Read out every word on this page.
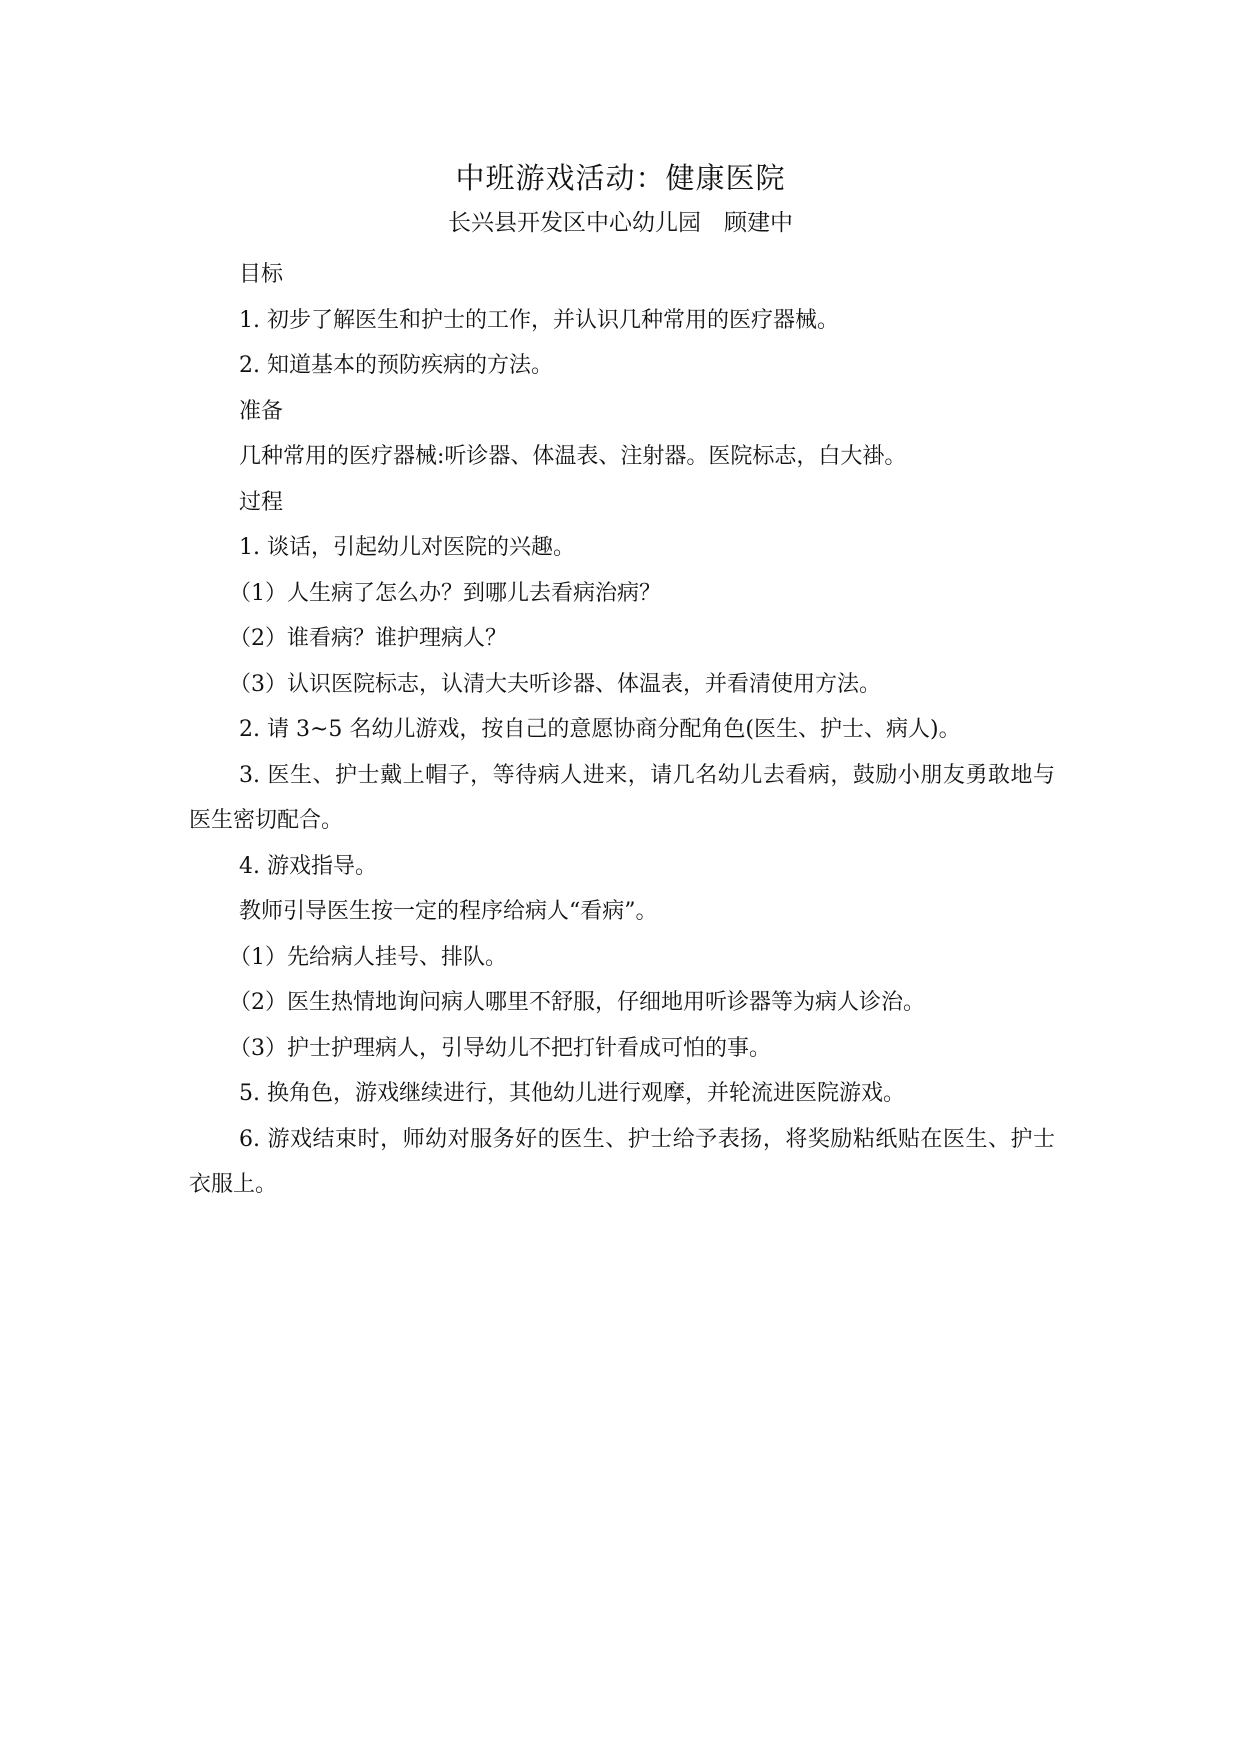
中班游戏活动：健康医院
长兴县开发区中心幼儿园　顾建中

目标

1. 初步了解医生和护士的工作，并认识几种常用的医疗器械。

2. 知道基本的预防疾病的方法。

准备

几种常用的医疗器械:听诊器、体温表、注射器。医院标志，白大褂。

过程

1. 谈话，引起幼儿对医院的兴趣。

（1）人生病了怎么办？到哪儿去看病治病？

（2）谁看病？谁护理病人？

（3）认识医院标志，认清大夫听诊器、体温表，并看清使用方法。

2. 请 3~5 名幼儿游戏，按自己的意愿协商分配角色(医生、护士、病人)。

3. 医生、护士戴上帽子，等待病人进来，请几名幼儿去看病，鼓励小朋友勇敢地与医生密切配合。

4. 游戏指导。

教师引导医生按一定的程序给病人“看病”。

（1）先给病人挂号、排队。

（2）医生热情地询问病人哪里不舒服，仔细地用听诊器等为病人诊治。

（3）护士护理病人，引导幼儿不把打针看成可怕的事。

5. 换角色，游戏继续进行，其他幼儿进行观摩，并轮流进医院游戏。

6. 游戏结束时，师幼对服务好的医生、护士给予表扬，将奖励粘纸贴在医生、护士衣服上。
